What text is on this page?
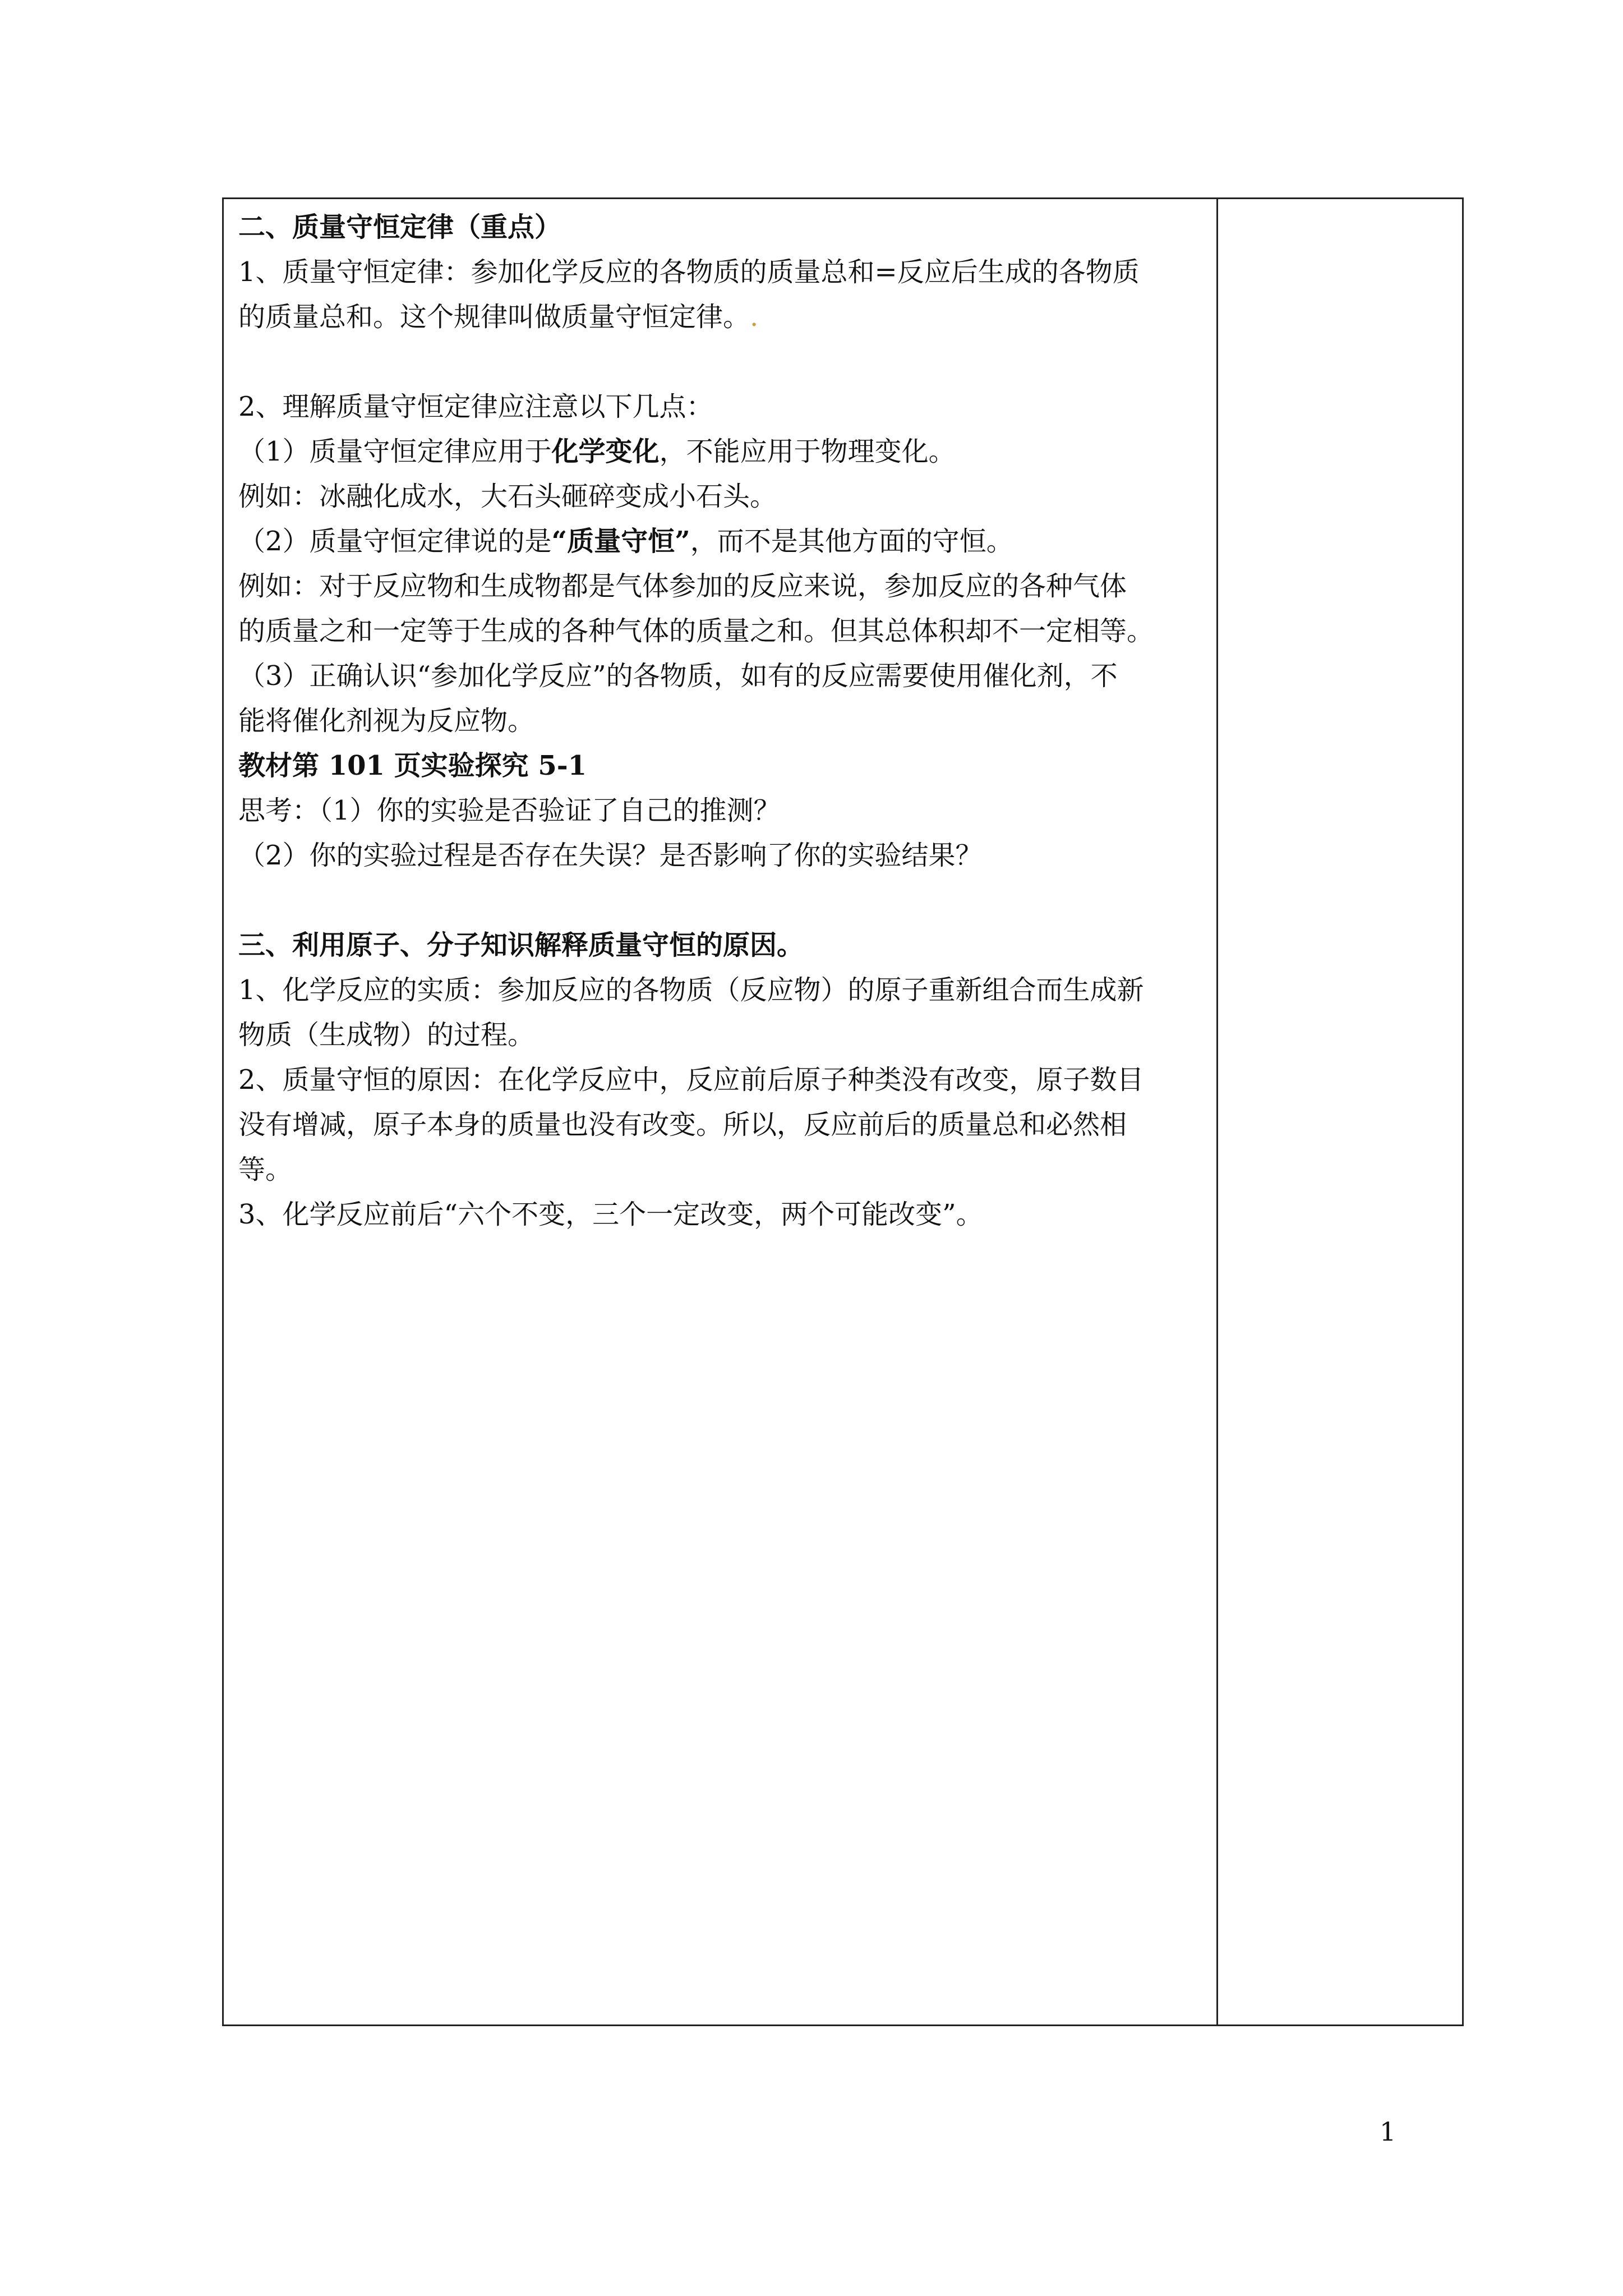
二、质量守恒定律（重点）
1、质量守恒定律：参加化学反应的各物质的质量总和=反应后生成的各物质
的质量总和。这个规律叫做质量守恒定律。.
2、理解质量守恒定律应注意以下几点：
（1）质量守恒定律应用于化学变化，不能应用于物理变化。
例如：冰融化成水，大石头砸碎变成小石头。
（2）质量守恒定律说的是“质量守恒”，而不是其他方面的守恒。
例如：对于反应物和生成物都是气体参加的反应来说，参加反应的各种气体
的质量之和一定等于生成的各种气体的质量之和。但其总体积却不一定相等。
（3）正确认识“参加化学反应”的各物质，如有的反应需要使用催化剂，不
能将催化剂视为反应物。
教材第 101 页实验探究 5-1
思考：（1）你的实验是否验证了自己的推测？
（2）你的实验过程是否存在失误？是否影响了你的实验结果？
三、利用原子、分子知识解释质量守恒的原因。
1、化学反应的实质：参加反应的各物质（反应物）的原子重新组合而生成新
物质（生成物）的过程。
2、质量守恒的原因：在化学反应中，反应前后原子种类没有改变，原子数目
没有增减，原子本身的质量也没有改变。所以，反应前后的质量总和必然相
等。
3、化学反应前后“六个不变，三个一定改变，两个可能改变”。
1
